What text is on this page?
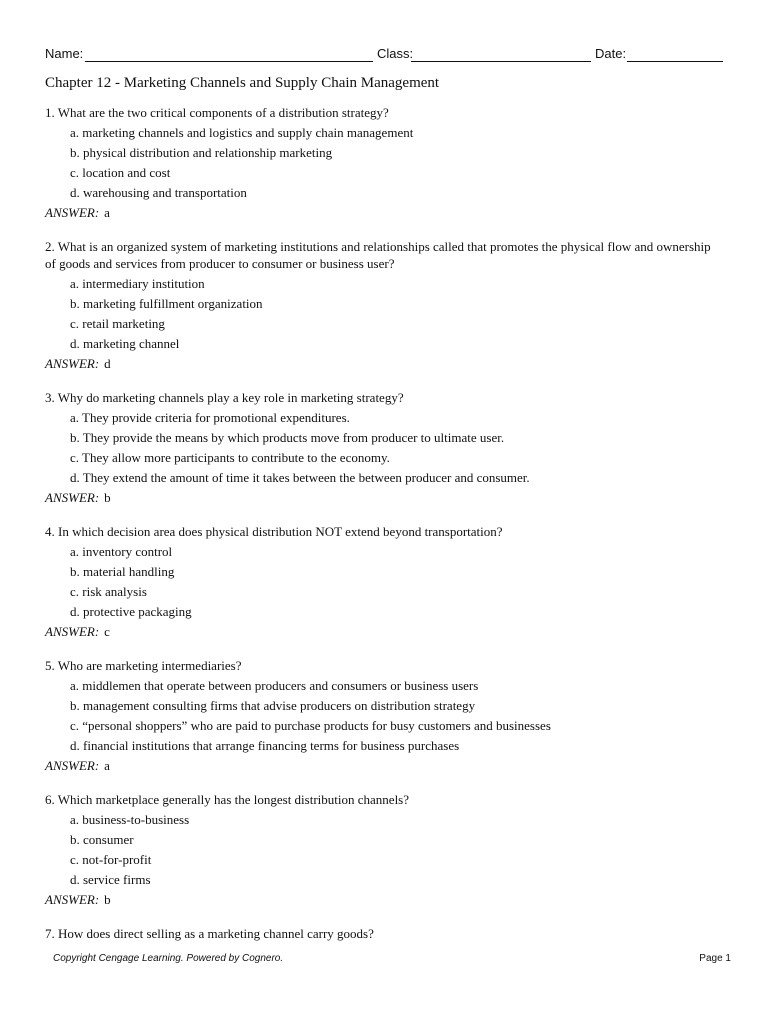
Name:	Class:	Date:
Chapter 12 - Marketing Channels and Supply Chain Management
1. What are the two critical components of a distribution strategy?
a. marketing channels and logistics and supply chain management
b. physical distribution and relationship marketing
c. location and cost
d. warehousing and transportation
ANSWER: a
2. What is an organized system of marketing institutions and relationships called that promotes the physical flow and ownership of goods and services from producer to consumer or business user?
a. intermediary institution
b. marketing fulfillment organization
c. retail marketing
d. marketing channel
ANSWER: d
3. Why do marketing channels play a key role in marketing strategy?
a. They provide criteria for promotional expenditures.
b. They provide the means by which products move from producer to ultimate user.
c. They allow more participants to contribute to the economy.
d. They extend the amount of time it takes between the between producer and consumer.
ANSWER: b
4. In which decision area does physical distribution NOT extend beyond transportation?
a. inventory control
b. material handling
c. risk analysis
d. protective packaging
ANSWER: c
5. Who are marketing intermediaries?
a. middlemen that operate between producers and consumers or business users
b. management consulting firms that advise producers on distribution strategy
c. “personal shoppers” who are paid to purchase products for busy customers and businesses
d. financial institutions that arrange financing terms for business purchases
ANSWER: a
6. Which marketplace generally has the longest distribution channels?
a. business-to-business
b. consumer
c. not-for-profit
d. service firms
ANSWER: b
7. How does direct selling as a marketing channel carry goods?
Copyright Cengage Learning. Powered by Cognero.	Page 1
